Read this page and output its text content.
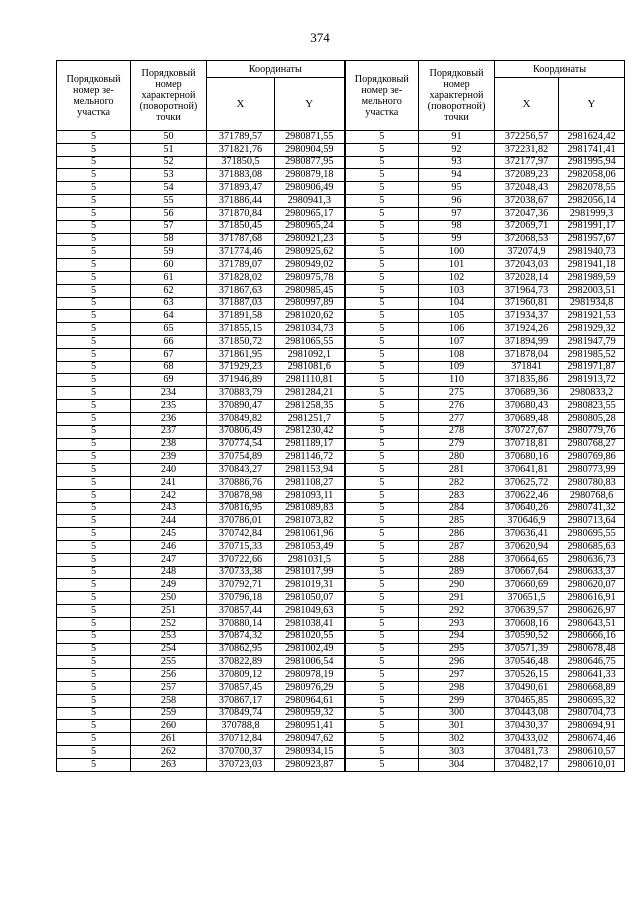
374
Порядковый номер зе-мельного участка	Порядковый номер характерной (поворотной) точки	Координаты		Порядковый номер зе-мельного участка	Порядковый номер характерной (поворотной) точки	Координаты	
		X	Y			X	Y
5	50	371789,57	2980871,55	5	91	372256,57	2981624,42
5	51	371821,76	2980904,59	5	92	372231,82	2981741,41
5	52	371850,5	2980877,95	5	93	372177,97	2981995,94
5	53	371883,08	2980879,18	5	94	372089,23	2982058,06
5	54	371893,47	2980906,49	5	95	372048,43	2982078,55
5	55	371886,44	2980941,3	5	96	372038,67	2982056,14
5	56	371870,84	2980965,17	5	97	372047,36	2981999,3
5	57	371850,45	2980965,24	5	98	372069,71	2981991,17
5	58	371787,68	2980921,23	5	99	372068,53	2981957,67
5	59	371774,46	2980925,62	5	100	372074,9	2981940,73
5	60	371789,07	2980949,02	5	101	372043,03	2981941,18
5	61	371828,02	2980975,78	5	102	372028,14	2981989,59
5	62	371867,63	2980985,45	5	103	371964,73	2982003,51
5	63	371887,03	2980997,89	5	104	371960,81	2981934,8
5	64	371891,58	2981020,62	5	105	371934,37	2981921,53
5	65	371855,15	2981034,73	5	106	371924,26	2981929,32
5	66	371850,72	2981065,55	5	107	371894,99	2981947,79
5	67	371861,95	2981092,1	5	108	371878,04	2981985,52
5	68	371929,23	2981081,6	5	109	371841	2981971,87
5	69	371946,89	2981110,81	5	110	371835,86	2981913,72
5	234	370883,79	2981284,21	5	275	370689,36	2980833,2
5	235	370890,47	2981258,35	5	276	370680,43	2980823,55
5	236	370849,82	2981251,7	5	277	370689,48	2980805,28
5	237	370806,49	2981230,42	5	278	370727,67	2980779,76
5	238	370774,54	2981189,17	5	279	370718,81	2980768,27
5	239	370754,89	2981146,72	5	280	370680,16	2980769,86
5	240	370843,27	2981153,94	5	281	370641,81	2980773,99
5	241	370886,76	2981108,27	5	282	370625,72	2980780,83
5	242	370878,98	2981093,11	5	283	370622,46	2980768,6
5	243	370816,95	2981089,83	5	284	370640,26	2980741,32
5	244	370786,01	2981073,82	5	285	370646,9	2980713,64
5	245	370742,84	2981061,96	5	286	370636,41	2980695,55
5	246	370715,33	2981053,49	5	287	370620,94	2980685,63
5	247	370722,66	2981031,5	5	288	370664,65	2980636,73
5	248	370733,38	2981017,99	5	289	370667,64	2980633,37
5	249	370792,71	2981019,31	5	290	370660,69	2980620,07
5	250	370796,18	2981050,07	5	291	370651,5	2980616,91
5	251	370857,44	2981049,63	5	292	370639,57	2980626,97
5	252	370880,14	2981038,41	5	293	370608,16	2980643,51
5	253	370874,32	2981020,55	5	294	370590,52	2980666,16
5	254	370862,95	2981002,49	5	295	370571,39	2980678,48
5	255	370822,89	2981006,54	5	296	370546,48	2980646,75
5	256	370809,12	2980978,19	5	297	370526,15	2980641,33
5	257	370857,45	2980976,29	5	298	370490,61	2980668,89
5	258	370867,17	2980964,61	5	299	370465,85	2980695,32
5	259	370849,74	2980959,32	5	300	370443,08	2980704,73
5	260	370788,8	2980951,41	5	301	370430,37	2980694,91
5	261	370712,84	2980947,62	5	302	370433,02	2980674,46
5	262	370700,37	2980934,15	5	303	370481,73	2980610,57
5	263	370723,03	2980923,87	5	304	370482,17	2980610,01
